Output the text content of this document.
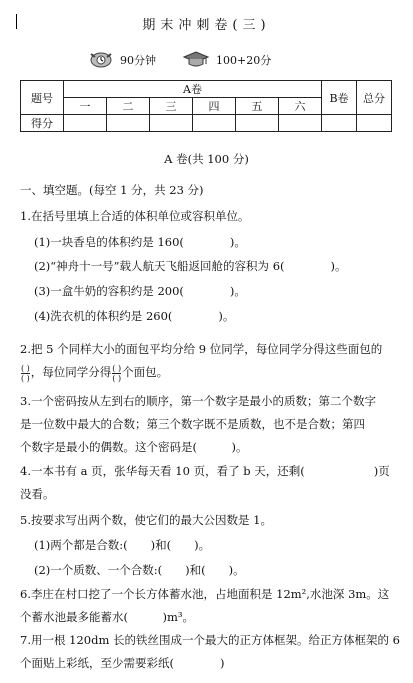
期末冲刺卷(三)
90分钟	100+20分
题号	A卷						B卷	总分
	一	二	三	四	五	六		
得分								
A 卷(共 100 分)
一、填空题。(每空 1 分，共 23 分)
1.在括号里填上合适的体积单位或容积单位。
(1)一块香皂的体积约是 160(　　　　)。
(2)“神舟十一号”载人航天飞船返回舱的容积为 6(　　　　)。
(3)一盒牛奶的容积约是 200(　　　　)。
(4)洗衣机的体积约是 260(　　　　)。
2.把 5 个同样大小的面包平均分给 9 位同学，每位同学分得这些面包的
$\frac{( )}{( )}$ ，每位同学分得 $\frac{( )}{( )}$ 个面包。
3.一个密码按从左到右的顺序，第一个数字是最小的质数；第二个数字
是一位数中最大的合数；第三个数字既不是质数，也不是合数；第四
个数字是最小的偶数。这个密码是(　　　)。
4.一本书有 a 页，张华每天看 10 页，看了 b 天，还剩(　　　　　　)页
没看。
5.按要求写出两个数，使它们的最大公因数是 1。
(1)两个都是合数:(　　)和(　　)。
(2)一个质数、一个合数:(　　)和(　　)。
6.李庄在村口挖了一个长方体蓄水池，占地面积是 12m²,水池深 3m。这
个蓄水池最多能蓄水(　　　)m³。
7.用一根 120dm 长的铁丝围成一个最大的正方体框架。给正方体框架的 6
个面贴上彩纸，至少需要彩纸(　　　　)
